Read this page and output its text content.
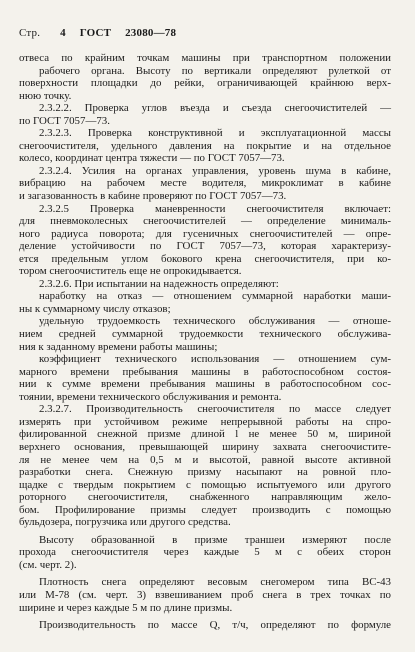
Стр. 4 ГОСТ 23080—78
отвеса по крайним точкам машины при транспортном положении
рабочего органа. Высоту по вертикали определяют рулеткой от
поверхности площадки до рейки, ограничивающей крайнюю верх-
нюю точку.
2.3.2.2. Проверка углов въезда и съезда снегоочистителей —
по ГОСТ 7057—73.
2.3.2.3. Проверка конструктивной и эксплуатационной массы
снегоочистителя, удельного давления на покрытие и на отдельное
колесо, координат центра тяжести — по ГОСТ 7057—73.
2.3.2.4. Усилия на органах управления, уровень шума в кабине,
вибрацию на рабочем месте водителя, микроклимат в кабине
и загазованность в кабине проверяют по ГОСТ 7057—73.
2.3.2.5 Проверка маневренности снегоочистителя включает:
для пневмоколесных снегоочистителей — определение минималь-
ного радиуса поворота; для гусеничных снегоочистителей — опре-
деление устойчивости по ГОСТ 7057—73, которая характеризу-
ется предельным углом бокового крена снегоочистителя, при ко-
тором снегоочиститель еще не опрокидывается.
2.3.2.6. При испытании на надежность определяют:
наработку на отказ — отношением суммарной наработки маши-
ны к суммарному числу отказов;
удельную трудоемкость технического обслуживания — отноше-
нием средней суммарной трудоемкости технического обслужива-
ния к заданному времени работы машины;
коэффициент технического использования — отношением сум-
марного времени пребывания машины в работоспособном состоя-
нии к сумме времени пребывания машины в работоспособном сос-
тоянии, времени технического обслуживания и ремонта.
2.3.2.7. Производительность снегоочистителя по массе следует
измерять при устойчивом режиме непрерывной работы на спро-
филированной снежной призме длиной l не менее 50 м, шириной
верхнего основания, превышающей ширину захвата снегоочистите-
ля не менее чем на 0,5 м и высотой, равной высоте активной
разработки снега. Снежную призму насыпают на ровной пло-
щадке с твердым покрытием с помощью испытуемого или другого
роторного снегоочистителя, снабженного направляющим жело-
бом. Профилирование призмы следует производить с помощью
бульдозера, погрузчика или другого средства.
Высоту образованной в призме траншеи измеряют после
прохода снегоочистителя через каждые 5 м с обеих сторон
(см. черт. 2).
Плотность снега определяют весовым снегомером типа ВС-43
или М-78 (см. черт. 3) взвешиванием проб снега в трех точках по
ширине и через каждые 5 м по длине призмы.
Производительность по массе Q, т/ч, определяют по формуле
